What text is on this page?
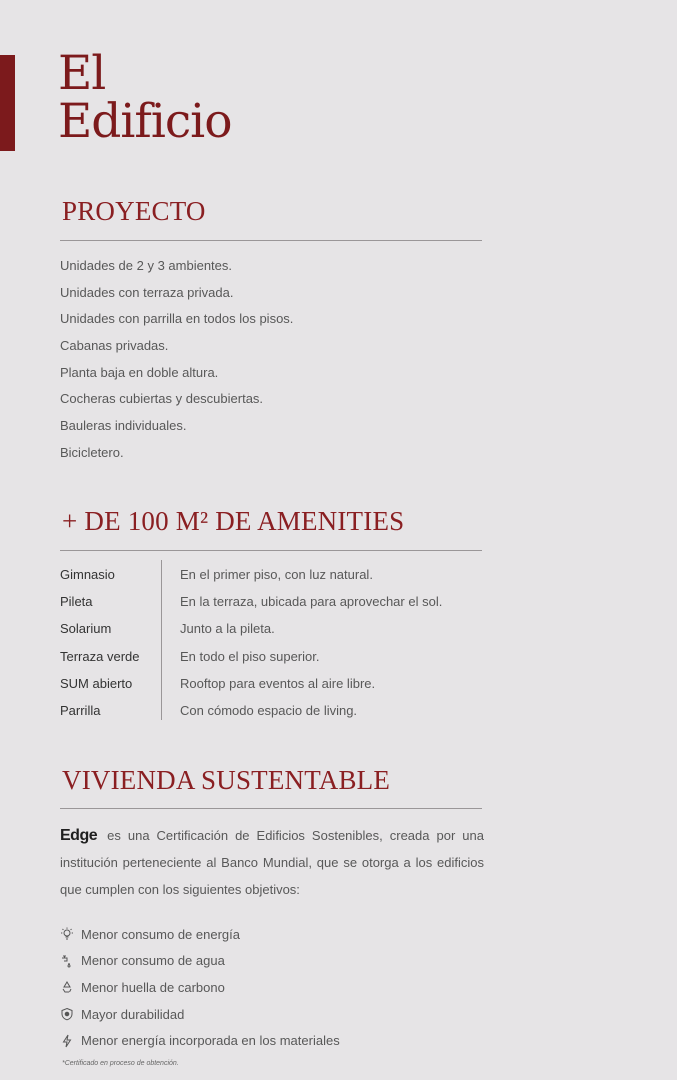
El
Edificio
PROYECTO
Unidades de 2 y 3 ambientes.
Unidades con terraza privada.
Unidades con parrilla en todos los pisos.
Cabanas privadas.
Planta baja en doble altura.
Cocheras cubiertas y descubiertas.
Bauleras individuales.
Bicicletero.
+ DE 100 M² DE AMENITIES
Gimnasio	En el primer piso, con luz natural.
Pileta	En la terraza, ubicada para aprovechar el sol.
Solarium	Junto a la pileta.
Terraza verde	En todo el piso superior.
SUM abierto	Rooftop para eventos al aire libre.
Parrilla	Con cómodo espacio de living.
VIVIENDA SUSTENTABLE

Edge es una Certificación de Edificios Sostenibles, creada por una institución perteneciente al Banco Mundial, que se otorga a los edificios que cumplen con los siguientes objetivos:

Menor consumo de energía
Menor consumo de agua
Menor huella de carbono
Mayor durabilidad
Menor energía incorporada en los materiales

*Certificado en proceso de obtención.
